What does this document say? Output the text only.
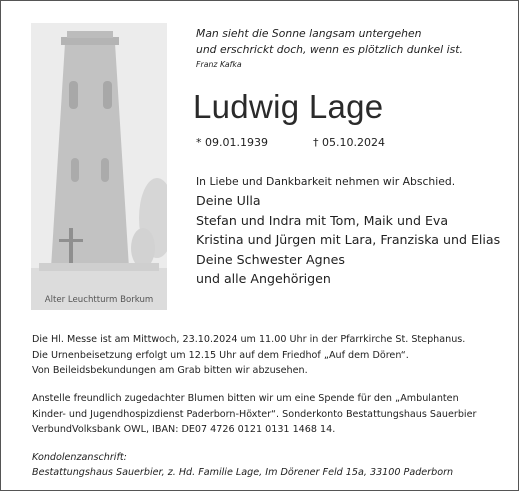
Alter Leuchtturm Borkum
Man sieht die Sonne langsam untergehen
und erschrickt doch, wenn es plötzlich dunkel ist.
Franz Kafka
Ludwig Lage
* 09.01.1939	† 05.10.2024
In Liebe und Dankbarkeit nehmen wir Abschied.
Deine Ulla
Stefan und Indra mit Tom, Maik und Eva
Kristina und Jürgen mit Lara, Franziska und Elias
Deine Schwester Agnes
und alle Angehörigen
Die Hl. Messe ist am Mittwoch, 23.10.2024 um 11.00 Uhr in der Pfarrkirche St. Stephanus.
Die Urnenbeisetzung erfolgt um 12.15 Uhr auf dem Friedhof „Auf dem Dören“.
Von Beileidsbekundungen am Grab bitten wir abzusehen.
Anstelle freundlich zugedachter Blumen bitten wir um eine Spende für den „Ambulanten
Kinder- und Jugendhospizdienst Paderborn-Höxter“. Sonderkonto Bestattungshaus Sauerbier
VerbundVolksbank OWL, IBAN: DE07 4726 0121 0131 1468 14.
Kondolenzanschrift:
Bestattungshaus Sauerbier, z. Hd. Familie Lage, Im Dörener Feld 15a, 33100 Paderborn
